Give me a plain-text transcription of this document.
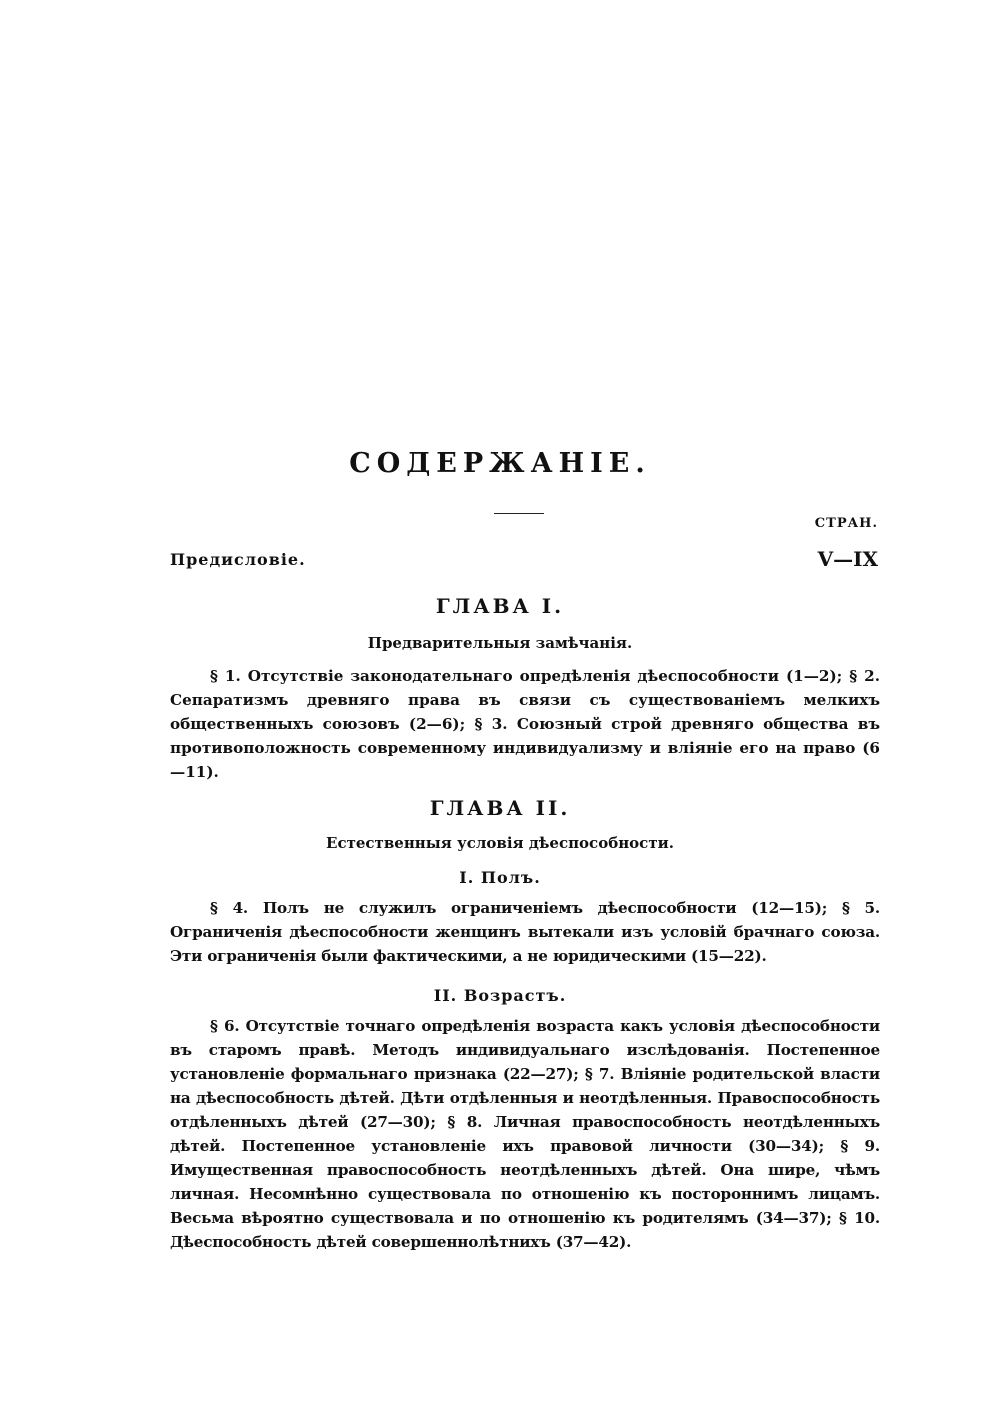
СОДЕРЖАНІЕ.
СТРАН.
Предисловіе.	V—IX
ГЛАВА I.
Предварительныя замѣчанія.
§ 1. Отсутствіе законодательнаго опредѣленія дѣеспособности (1—2); § 2. Сепаратизмъ древняго права въ связи съ существованіемъ мелкихъ общественныхъ союзовъ (2—6); § 3. Союзный строй древняго общества въ противоположность современному индивидуализму и вліяніе его на право (6—11).
ГЛАВА II.
Естественныя условія дѣеспособности.
I. Полъ.
§ 4. Полъ не служилъ ограниченіемъ дѣеспособности (12—15); § 5. Ограниченія дѣеспособности женщинъ вытекали изъ условій брачнаго союза. Эти ограниченія были фактическими, а не юридическими (15—22).
II. Возрастъ.
§ 6. Отсутствіе точнаго опредѣленія возраста какъ условія дѣеспособности въ старомъ правѣ. Методъ индивидуальнаго изслѣдованія. Постепенное установленіе формальнаго признака (22—27); § 7. Вліяніе родительской власти на дѣеспособность дѣтей. Дѣти отдѣленныя и неотдѣленныя. Правоспособность отдѣленныхъ дѣтей (27—30); § 8. Личная правоспособность неотдѣленныхъ дѣтей. Постепенное установленіе ихъ правовой личности (30—34); § 9. Имущественная правоспособность неотдѣленныхъ дѣтей. Она шире, чѣмъ личная. Несомнѣнно существовала по отношенію къ постороннимъ лицамъ. Весьма вѣроятно существовала и по отношенію къ родителямъ (34—37); § 10. Дѣеспособность дѣтей совершеннолѣтнихъ (37—42).
